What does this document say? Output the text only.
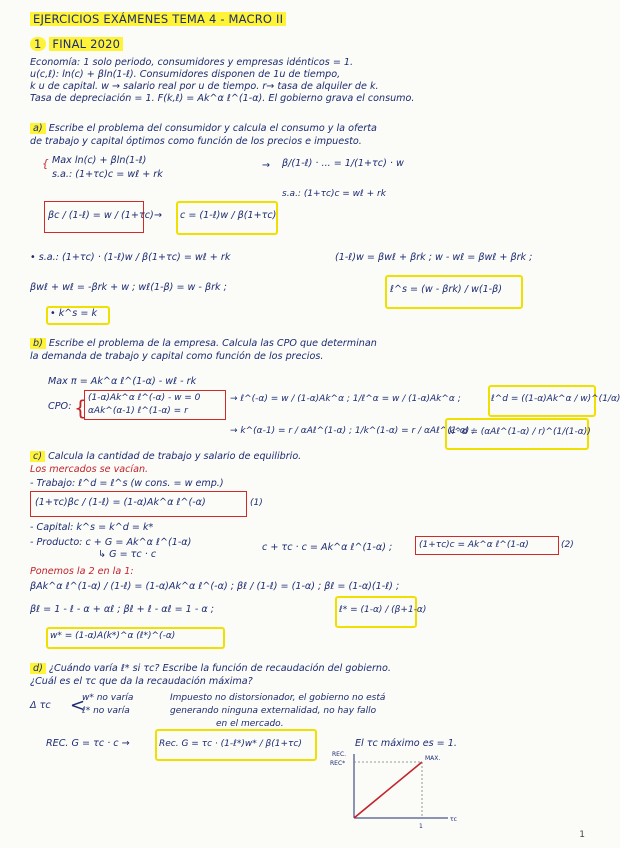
EJERCICIOS EXÁMENES TEMA 4 - MACRO II
1 FINAL 2020
Economía: 1 solo periodo, consumidores y empresas idénticos = 1.
u(c,ℓ): ln(c) + βln(1-ℓ). Consumidores disponen de 1u de tiempo,
k u de capital. w → salario real por u de tiempo. r→ tasa de alquiler de k.
Tasa de depreciación = 1. F(k,ℓ) = Ak^α ℓ^(1-α). El gobierno grava el consumo.
a) Escribe el problema del consumidor y calcula el consumo y la oferta
de trabajo y capital óptimos como función de los precios e impuesto.
{ Max ln(c) + βln(1-ℓ)
s.a.: (1+τc)c = wℓ + rk
→ β/(1-ℓ) · ... = 1/(1+τc) · w
s.a.: (1+τc)c = wℓ + rk
βc / (1-ℓ) = w / (1+τc) → c = (1-ℓ)w / β(1+τc)
• s.a.: (1+τc) · (1-ℓ)w / β(1+τc) = wℓ + rk	(1-ℓ)w = βwℓ + βrk ; w - wℓ = βwℓ + βrk ;
βwℓ + wℓ = -βrk + w ; wℓ(1-β) = w - βrk ;	ℓ^s = (w - βrk) / w(1-β)
• k^s = k
b) Escribe el problema de la empresa. Calcula las CPO que determinan
la demanda de trabajo y capital como función de los precios.
Max π = Ak^α ℓ^(1-α) - wℓ - rk
CPO: { (1-α)Ak^α ℓ^(-α) - w = 0
αAk^(α-1) ℓ^(1-α) = r
→ ℓ^(-α) = w / (1-α)Ak^α ; 1/ℓ^α = w / (1-α)Ak^α ;	ℓ^d = ((1-α)Ak^α / w)^(1/α)
→ k^(α-1) = r / αAℓ^(1-α) ; 1/k^(1-α) = r / αAℓ^(1-α) ;
k^d = (αAℓ^(1-α) / r)^(1/(1-α))
c) Calcula la cantidad de trabajo y salario de equilibrio.
Los mercados se vacían.
- Trabajo: ℓ^d = ℓ^s (w cons. = w emp.)
(1+τc)βc / (1-ℓ) = (1-α)Ak^α ℓ^(-α)	(1)
- Capital: k^s = k^d = k*
- Producto: c + G = Ak^α ℓ^(1-α)
↳ G = τc · c
c + τc · c = Ak^α ℓ^(1-α) ;	(1+τc)c = Ak^α ℓ^(1-α)	(2)
Ponemos la 2 en la 1:
βAk^α ℓ^(1-α) / (1-ℓ) = (1-α)Ak^α ℓ^(-α) ; βℓ / (1-ℓ) = (1-α) ; βℓ = (1-α)(1-ℓ) ;
βℓ = 1 - ℓ - α + αℓ ; βℓ + ℓ - αℓ = 1 - α ;	ℓ* = (1-α) / (β+1-α)
w* = (1-α)A(k*)^α (ℓ*)^(-α)
d) ¿Cuándo varía ℓ* si τc? Escribe la función de recaudación del gobierno.
¿Cuál es el τc que da la recaudación máxima?
Δ τc <
w* no varía
ℓ* no varía
Impuesto no distorsionador, el gobierno no está
generando ninguna externalidad, no hay fallo
en el mercado.
REC. G = τc · c →	Rec. G = τc · (1-ℓ*)w* / β(1+τc)	El τc máximo es = 1.
REC.
REC*
MAX.
τc
1
1
